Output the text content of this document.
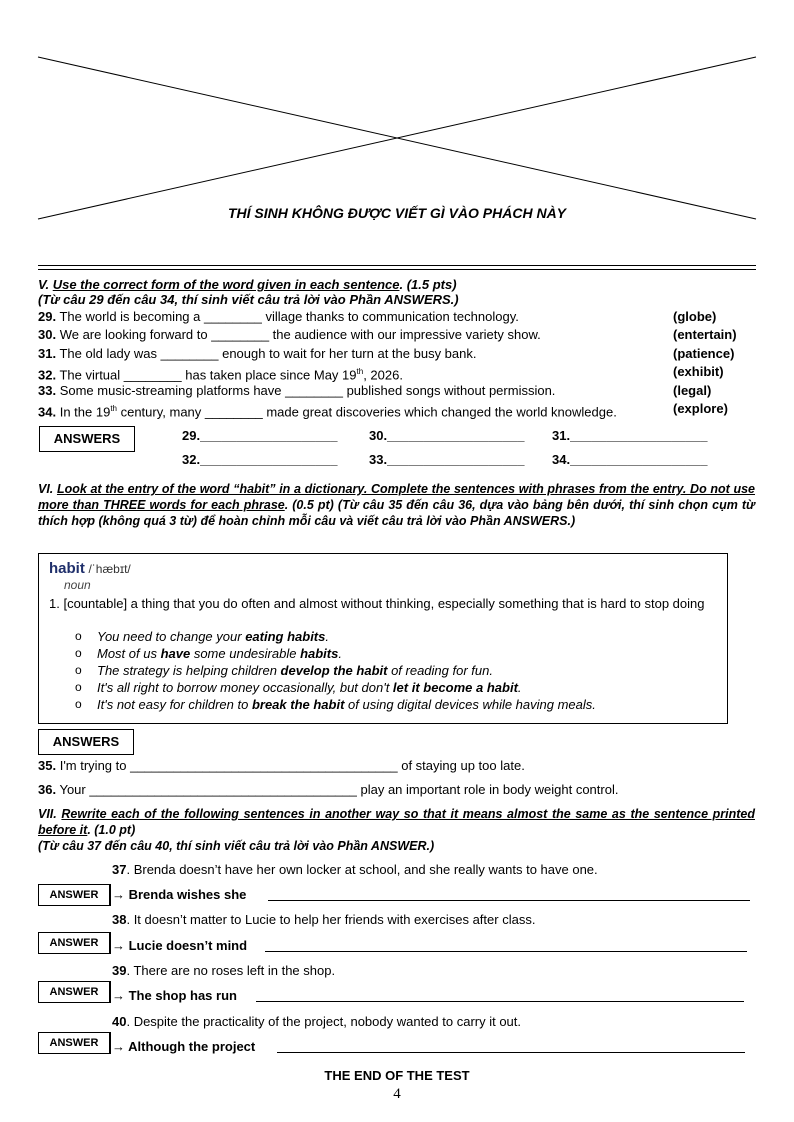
THÍ SINH KHÔNG ĐƯỢC VIẾT GÌ VÀO PHÁCH NÀY
V. Use the correct form of the word given in each sentence. (1.5 pts)
(Từ câu 29 đến câu 34, thí sinh viết câu trả lời vào Phần ANSWERS.)
29. The world is becoming a ________ village thanks to communication technology.	(globe)
30. We are looking forward to ________ the audience with our impressive variety show.	(entertain)
31. The old lady was ________ enough to wait for her turn at the busy bank.	(patience)
32. The virtual ________ has taken place since May 19th, 2026.	(exhibit)
33. Some music-streaming platforms have ________ published songs without permission.	(legal)
34. In the 19th century, many ________ made great discoveries which changed the world knowledge.	(explore)
ANSWERS	29.___________________ 30.___________________ 31.___________________
32.___________________ 33.___________________ 34.___________________
VI. Look at the entry of the word “habit” in a dictionary. Complete the sentences with phrases from the entry. Do not use more than THREE words for each phrase. (0.5 pt) (Từ câu 35 đến câu 36, dựa vào bảng bên dưới, thí sinh chọn cụm từ thích hợp (không quá 3 từ) để hoàn chỉnh mỗi câu và viết câu trả lời vào Phần ANSWERS.)
habit /ˈhæbɪt/
noun
1. [countable] a thing that you do often and almost without thinking, especially something that is hard to stop doing
o You need to change your eating habits.
o Most of us have some undesirable habits.
o The strategy is helping children develop the habit of reading for fun.
o It's all right to borrow money occasionally, but don't let it become a habit.
o It's not easy for children to break the habit of using digital devices while having meals.
ANSWERS
35. I'm trying to _____________________________________ of staying up too late.
36. Your _____________________________________ play an important role in body weight control.
VII. Rewrite each of the following sentences in another way so that it means almost the same as the sentence printed before it. (1.0 pt)
(Từ câu 37 đến câu 40, thí sinh viết câu trả lời vào Phần ANSWER.)
37. Brenda doesn’t have her own locker at school, and she really wants to have one.
ANSWER	→ Brenda wishes she
38. It doesn’t matter to Lucie to help her friends with exercises after class.
ANSWER	→ Lucie doesn’t mind
39. There are no roses left in the shop.
ANSWER	→ The shop has run
40. Despite the practicality of the project, nobody wanted to carry it out.
ANSWER	→ Although the project
THE END OF THE TEST
4
